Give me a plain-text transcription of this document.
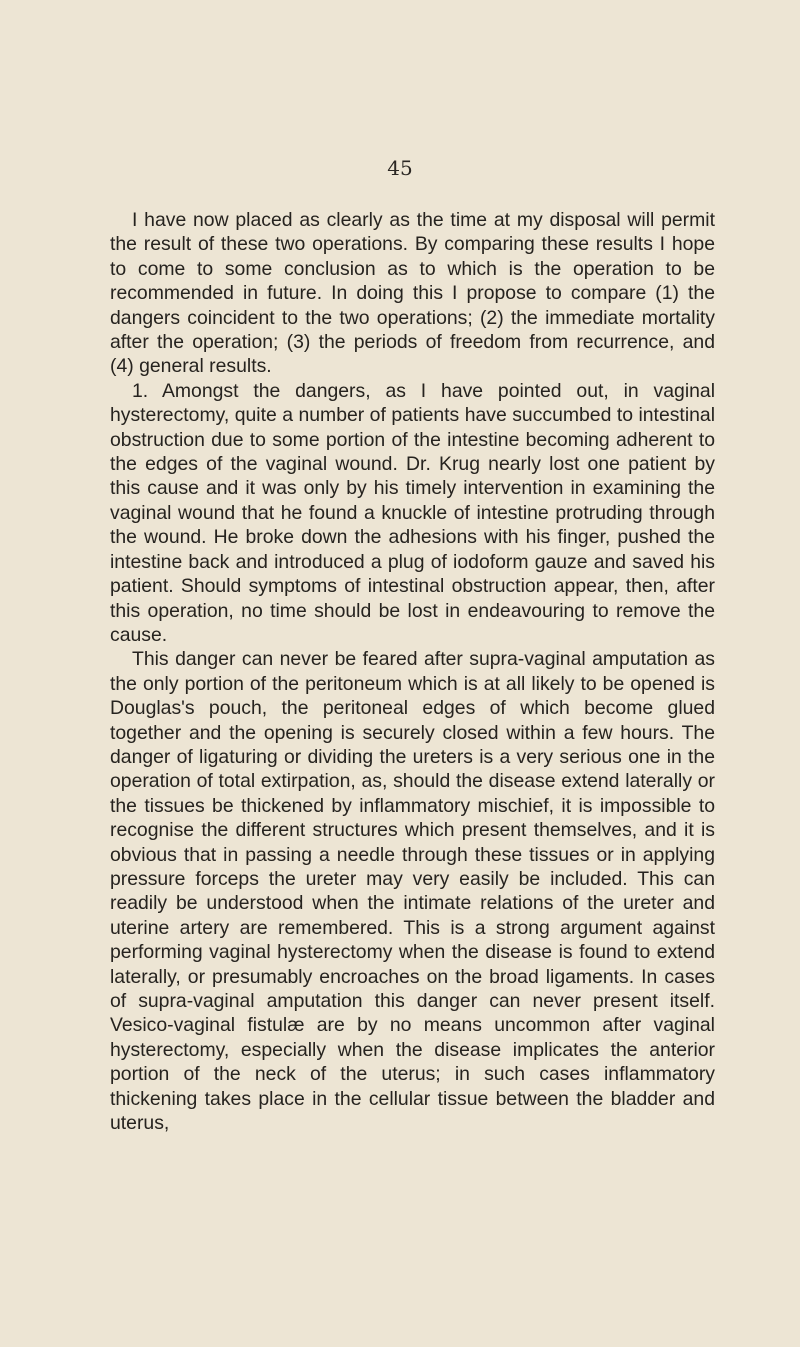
45

I have now placed as clearly as the time at my disposal will permit the result of these two operations. By comparing these results I hope to come to some conclusion as to which is the operation to be recommended in future. In doing this I propose to compare (1) the dangers coincident to the two operations; (2) the immediate mortality after the operation; (3) the periods of freedom from recurrence, and (4) general results.

1. Amongst the dangers, as I have pointed out, in vaginal hysterectomy, quite a number of patients have succumbed to intestinal obstruction due to some portion of the intestine becoming adherent to the edges of the vaginal wound. Dr. Krug nearly lost one patient by this cause and it was only by his timely intervention in examining the vaginal wound that he found a knuckle of intestine protruding through the wound. He broke down the adhesions with his finger, pushed the intestine back and introduced a plug of iodoform gauze and saved his patient. Should symptoms of intestinal obstruction appear, then, after this operation, no time should be lost in endeavouring to remove the cause.

This danger can never be feared after supra-vaginal amputation as the only portion of the peritoneum which is at all likely to be opened is Douglas's pouch, the peritoneal edges of which become glued together and the opening is securely closed within a few hours. The danger of ligaturing or dividing the ureters is a very serious one in the operation of total extirpation, as, should the disease extend laterally or the tissues be thickened by inflammatory mischief, it is impossible to recognise the different structures which present themselves, and it is obvious that in passing a needle through these tissues or in applying pressure forceps the ureter may very easily be included. This can readily be understood when the intimate relations of the ureter and uterine artery are remembered. This is a strong argument against performing vaginal hysterectomy when the disease is found to extend laterally, or presumably encroaches on the broad ligaments. In cases of supra-vaginal amputation this danger can never present itself. Vesico-vaginal fistulæ are by no means uncommon after vaginal hysterectomy, especially when the disease implicates the anterior portion of the neck of the uterus; in such cases inflammatory thickening takes place in the cellular tissue between the bladder and uterus,
